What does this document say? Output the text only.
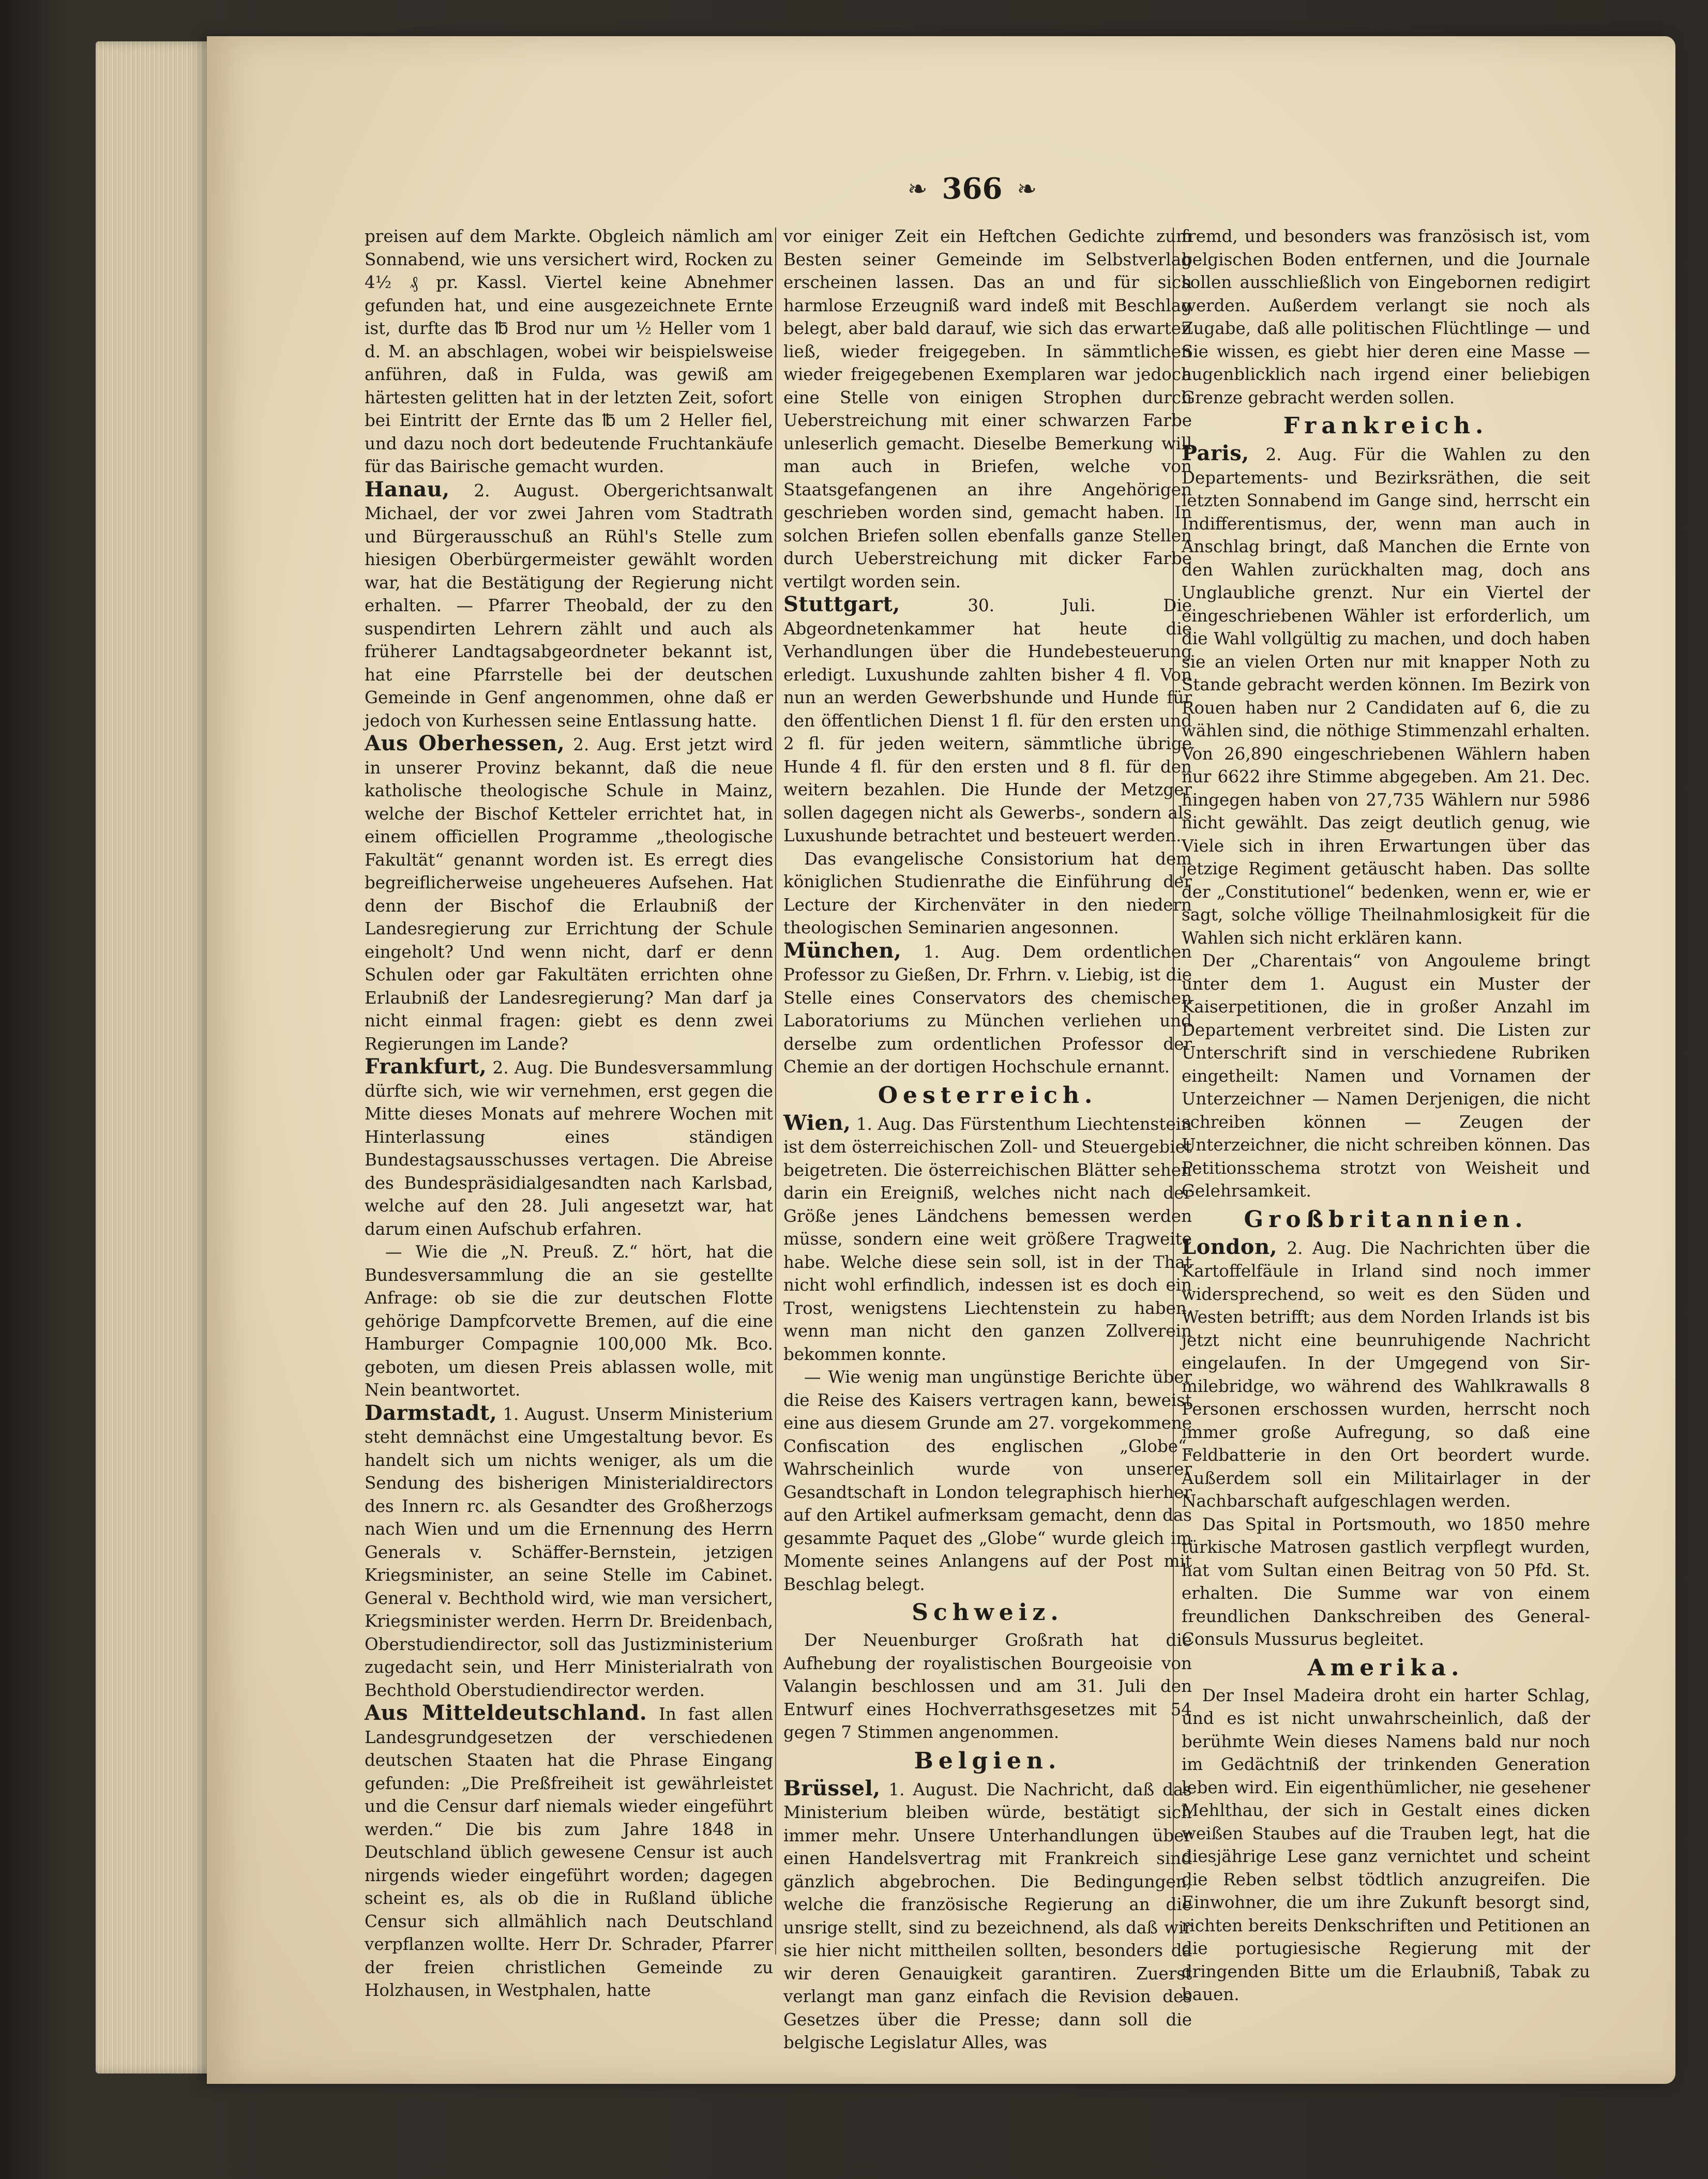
❧ 366 ❧

preisen auf dem Markte. Obgleich nämlich am Sonnabend, wie uns versichert wird, Rocken zu 4½ ₰ pr. Kassl. Viertel keine Abnehmer gefunden hat, und eine ausgezeichnete Ernte ist, durfte das ℔ Brod nur um ½ Heller vom 1 d. M. an abschlagen, wobei wir beispielsweise anführen, daß in Fulda, was gewiß am härtesten gelitten hat in der letzten Zeit, sofort bei Eintritt der Ernte das ℔ um 2 Heller fiel, und dazu noch dort bedeutende Fruchtankäufe für das Bairische gemacht wurden.

Hanau, 2. August. Obergerichtsanwalt Michael, der vor zwei Jahren vom Stadtrath und Bürgerausschuß an Rühl's Stelle zum hiesigen Oberbürgermeister gewählt worden war, hat die Bestätigung der Regierung nicht erhalten. — Pfarrer Theobald, der zu den suspendirten Lehrern zählt und auch als früherer Landtagsabgeordneter bekannt ist, hat eine Pfarrstelle bei der deutschen Gemeinde in Genf angenommen, ohne daß er jedoch von Kurhessen seine Entlassung hatte.

Aus Oberhessen, 2. Aug. Erst jetzt wird in unserer Provinz bekannt, daß die neue katholische theologische Schule in Mainz, welche der Bischof Ketteler errichtet hat, in einem officiellen Programme „theologische Fakultät“ genannt worden ist. Es erregt dies begreiflicherweise ungeheueres Aufsehen. Hat denn der Bischof die Erlaubniß der Landesregierung zur Errichtung der Schule eingeholt? Und wenn nicht, darf er denn Schulen oder gar Fakultäten errichten ohne Erlaubniß der Landesregierung? Man darf ja nicht einmal fragen: giebt es denn zwei Regierungen im Lande?

Frankfurt, 2. Aug. Die Bundesversammlung dürfte sich, wie wir vernehmen, erst gegen die Mitte dieses Monats auf mehrere Wochen mit Hinterlassung eines ständigen Bundestagsausschusses vertagen. Die Abreise des Bundespräsidialgesandten nach Karlsbad, welche auf den 28. Juli angesetzt war, hat darum einen Aufschub erfahren.

— Wie die „N. Preuß. Z.“ hört, hat die Bundesversammlung die an sie gestellte Anfrage: ob sie die zur deutschen Flotte gehörige Dampfcorvette Bremen, auf die eine Hamburger Compagnie 100,000 Mk. Bco. geboten, um diesen Preis ablassen wolle, mit Nein beantwortet.

Darmstadt, 1. August. Unserm Ministerium steht demnächst eine Umgestaltung bevor. Es handelt sich um nichts weniger, als um die Sendung des bisherigen Ministerialdirectors des Innern rc. als Gesandter des Großherzogs nach Wien und um die Ernennung des Herrn Generals v. Schäffer-Bernstein, jetzigen Kriegsminister, an seine Stelle im Cabinet. General v. Bechthold wird, wie man versichert, Kriegsminister werden. Herrn Dr. Breidenbach, Oberstudiendirector, soll das Justizministerium zugedacht sein, und Herr Ministerialrath von Bechthold Oberstudiendirector werden.

Aus Mitteldeutschland. In fast allen Landesgrundgesetzen der verschiedenen deutschen Staaten hat die Phrase Eingang gefunden: „Die Preßfreiheit ist gewährleistet und die Censur darf niemals wieder eingeführt werden.“ Die bis zum Jahre 1848 in Deutschland üblich gewesene Censur ist auch nirgends wieder eingeführt worden; dagegen scheint es, als ob die in Rußland übliche Censur sich allmählich nach Deutschland verpflanzen wollte. Herr Dr. Schrader, Pfarrer der freien christlichen Gemeinde zu Holzhausen, in Westphalen, hatte

vor einiger Zeit ein Heftchen Gedichte zum Besten seiner Gemeinde im Selbstverlag erscheinen lassen. Das an und für sich harmlose Erzeugniß ward indeß mit Beschlag belegt, aber bald darauf, wie sich das erwarten ließ, wieder freigegeben. In sämmtlichen wieder freigegebenen Exemplaren war jedoch eine Stelle von einigen Strophen durch Ueberstreichung mit einer schwarzen Farbe unleserlich gemacht. Dieselbe Bemerkung will man auch in Briefen, welche von Staatsgefangenen an ihre Angehörigen geschrieben worden sind, gemacht haben. In solchen Briefen sollen ebenfalls ganze Stellen durch Ueberstreichung mit dicker Farbe vertilgt worden sein.

Stuttgart,	30. Juli. Die Abgeordnetenkammer hat heute die Verhandlungen über die Hundebesteuerung erledigt. Luxushunde zahlten bisher 4 fl. Von nun an werden Gewerbshunde und Hunde für den öffentlichen Dienst 1 fl. für den ersten und 2 fl. für jeden weitern, sämmtliche übrige Hunde 4 fl. für den ersten und 8 fl. für den weitern bezahlen. Die Hunde der Metzger sollen dagegen nicht als Gewerbs-, sondern als Luxushunde betrachtet und besteuert werden.

Das evangelische Consistorium hat dem königlichen Studienrathe die Einführung der Lecture der Kirchenväter in den niedern theologischen Seminarien angesonnen.

München, 1. Aug. Dem ordentlichen Professor zu Gießen, Dr. Frhrn. v. Liebig, ist die Stelle eines Conservators des chemischen Laboratoriums zu München verliehen und derselbe zum ordentlichen Professor der Chemie an der dortigen Hochschule ernannt.

Oesterreich.

Wien, 1. Aug. Das Fürstenthum Liechtenstein ist dem österreichischen Zoll- und Steuergebiet beigetreten. Die österreichischen Blätter sehen darin ein Ereigniß, welches nicht nach der Größe jenes Ländchens bemessen werden müsse, sondern eine weit größere Tragweite habe. Welche diese sein soll, ist in der That nicht wohl erfindlich, indessen ist es doch ein Trost, wenigstens Liechtenstein zu haben, wenn man nicht den ganzen Zollverein bekommen konnte.

— Wie wenig man ungünstige Berichte über die Reise des Kaisers vertragen kann, beweist eine aus diesem Grunde am 27. vorgekommene Confiscation des englischen „Globe“. Wahrscheinlich wurde von unserer Gesandtschaft in London telegraphisch hierher auf den Artikel aufmerksam gemacht, denn das gesammte Paquet des „Globe“ wurde gleich im Momente seines Anlangens auf der Post mit Beschlag belegt.

Schweiz.

Der Neuenburger Großrath hat die Aufhebung der royalistischen Bourgeoisie von Valangin beschlossen und am 31. Juli den Entwurf eines Hochverrathsgesetzes mit 54 gegen 7 Stimmen angenommen.

Belgien.

Brüssel, 1. August. Die Nachricht, daß das Ministerium bleiben würde, bestätigt sich immer mehr. Unsere Unterhandlungen über einen Handelsvertrag mit Frankreich sind gänzlich abgebrochen. Die Bedingungen, welche die französische Regierung an die unsrige stellt, sind zu bezeichnend, als daß wir sie hier nicht mittheilen sollten, besonders da wir deren Genauigkeit garantiren. Zuerst verlangt man ganz einfach die Revision des Gesetzes über die Presse; dann soll die belgische Legislatur Alles, was

fremd, und besonders was französisch ist, vom belgischen Boden entfernen, und die Journale sollen ausschließlich von Eingebornen redigirt werden. Außerdem verlangt sie noch als Zugabe, daß alle politischen Flüchtlinge — und Sie wissen, es giebt hier deren eine Masse — augenblicklich nach irgend einer beliebigen Grenze gebracht werden sollen.

Frankreich.

Paris, 2. Aug. Für die Wahlen zu den Departements- und Bezirksräthen, die seit letzten Sonnabend im Gange sind, herrscht ein Indifferentismus, der, wenn man auch in Anschlag bringt, daß Manchen die Ernte von den Wahlen zurückhalten mag, doch ans Unglaubliche grenzt. Nur ein Viertel der eingeschriebenen Wähler ist erforderlich, um die Wahl vollgültig zu machen, und doch haben sie an vielen Orten nur mit knapper Noth zu Stande gebracht werden können. Im Bezirk von Rouen haben nur 2 Candidaten auf 6, die zu wählen sind, die nöthige Stimmenzahl erhalten. Von 26,890 eingeschriebenen Wählern haben nur 6622 ihre Stimme abgegeben. Am 21. Dec. hingegen haben von 27,735 Wählern nur 5986 nicht gewählt. Das zeigt deutlich genug, wie Viele sich in ihren Erwartungen über das jetzige Regiment getäuscht haben. Das sollte der „Constitutionel“ bedenken, wenn er, wie er sagt, solche völlige Theilnahmlosigkeit für die Wahlen sich nicht erklären kann.

Der „Charentais“ von Angouleme bringt unter dem 1. August ein Muster der Kaiserpetitionen, die in großer Anzahl im Departement verbreitet sind. Die Listen zur Unterschrift sind in verschiedene Rubriken eingetheilt: Namen und Vornamen der Unterzeichner — Namen Derjenigen, die nicht schreiben können — Zeugen der Unterzeichner, die nicht schreiben können. Das Petitionsschema strotzt von Weisheit und Gelehrsamkeit.

Großbritannien.

London, 2. Aug. Die Nachrichten über die Kartoffelfäule in Irland sind noch immer widersprechend, so weit es den Süden und Westen betrifft; aus dem Norden Irlands ist bis jetzt nicht eine beunruhigende Nachricht eingelaufen. In der Umgegend von Sir-milebridge, wo während des Wahlkrawalls 8 Personen erschossen wurden, herrscht noch immer große Aufregung, so daß eine Feldbatterie in den Ort beordert wurde. Außerdem soll ein Militairlager in der Nachbarschaft aufgeschlagen werden.

Das Spital in Portsmouth, wo 1850 mehre türkische Matrosen gastlich verpflegt wurden, hat vom Sultan einen Beitrag von 50 Pfd. St. erhalten. Die Summe war von einem freundlichen Dankschreiben des General-Consuls Mussurus begleitet.

Amerika.

Der Insel Madeira droht ein harter Schlag, und es ist nicht unwahrscheinlich, daß der berühmte Wein dieses Namens bald nur noch im Gedächtniß der trinkenden Generation leben wird. Ein eigenthümlicher, nie gesehener Mehlthau, der sich in Gestalt eines dicken weißen Staubes auf die Trauben legt, hat die diesjährige Lese ganz vernichtet und scheint die Reben selbst tödtlich anzugreifen. Die Einwohner, die um ihre Zukunft besorgt sind, richten bereits Denkschriften und Petitionen an die portugiesische Regierung mit der dringenden Bitte um die Erlaubniß, Tabak zu bauen.
